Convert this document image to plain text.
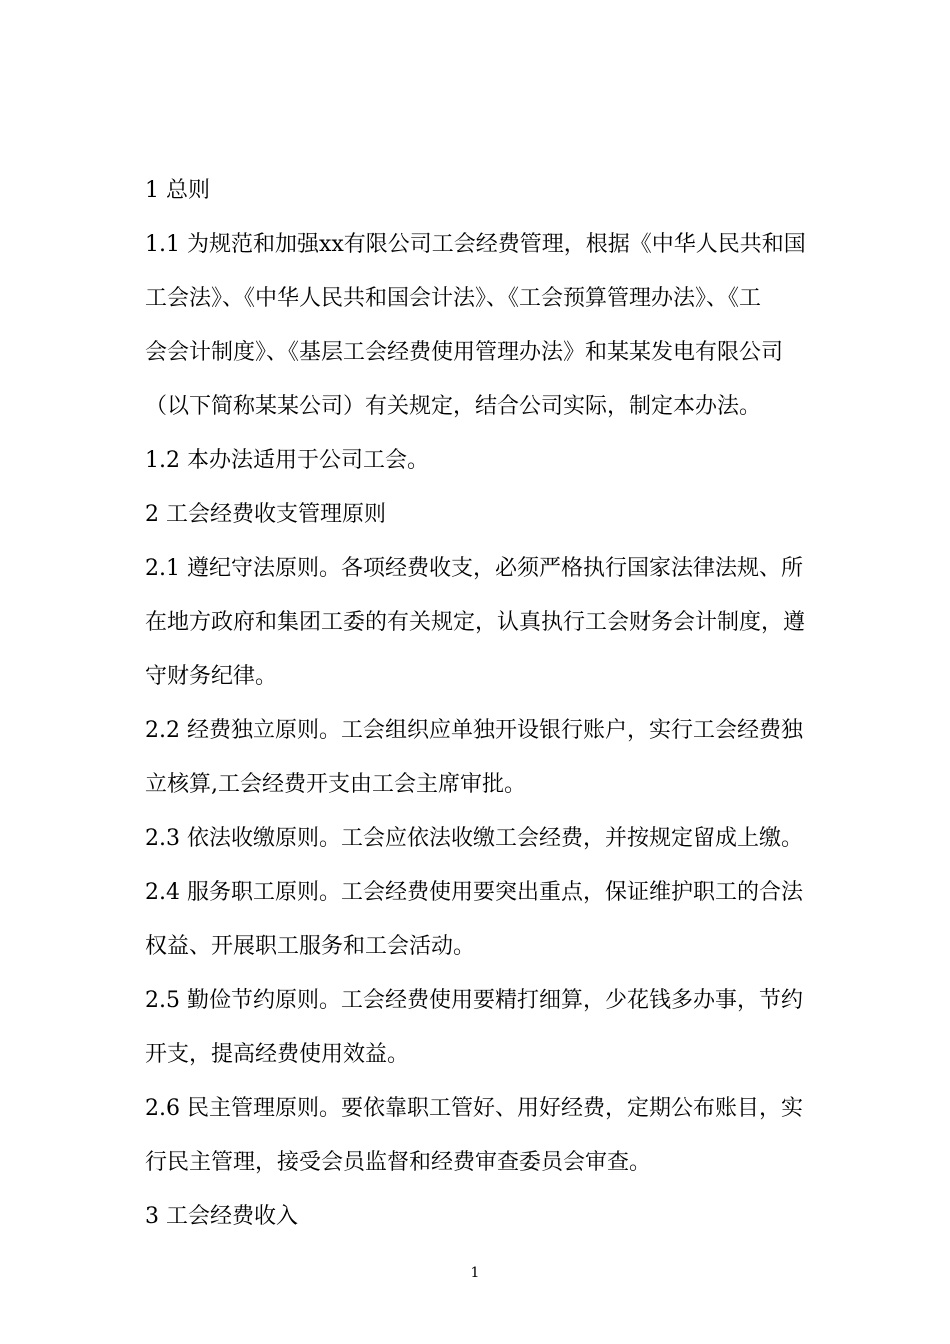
1 总则
1.1 为规范和加强xx有限公司工会经费管理，根据《中华人民共和国
工会法》、《中华人民共和国会计法》、《工会预算管理办法》、《工
会会计制度》、《基层工会经费使用管理办法》和某某发电有限公司
（以下简称某某公司）有关规定，结合公司实际，制定本办法。
1.2 本办法适用于公司工会。
2 工会经费收支管理原则
2.1 遵纪守法原则。各项经费收支，必须严格执行国家法律法规、所
在地方政府和集团工委的有关规定，认真执行工会财务会计制度，遵
守财务纪律。
2.2 经费独立原则。工会组织应单独开设银行账户，实行工会经费独
立核算,工会经费开支由工会主席审批。
2.3 依法收缴原则。工会应依法收缴工会经费，并按规定留成上缴。
2.4 服务职工原则。工会经费使用要突出重点，保证维护职工的合法
权益、开展职工服务和工会活动。
2.5 勤俭节约原则。工会经费使用要精打细算，少花钱多办事，节约
开支，提高经费使用效益。
2.6 民主管理原则。要依靠职工管好、用好经费，定期公布账目，实
行民主管理，接受会员监督和经费审查委员会审查。
3 工会经费收入
1
